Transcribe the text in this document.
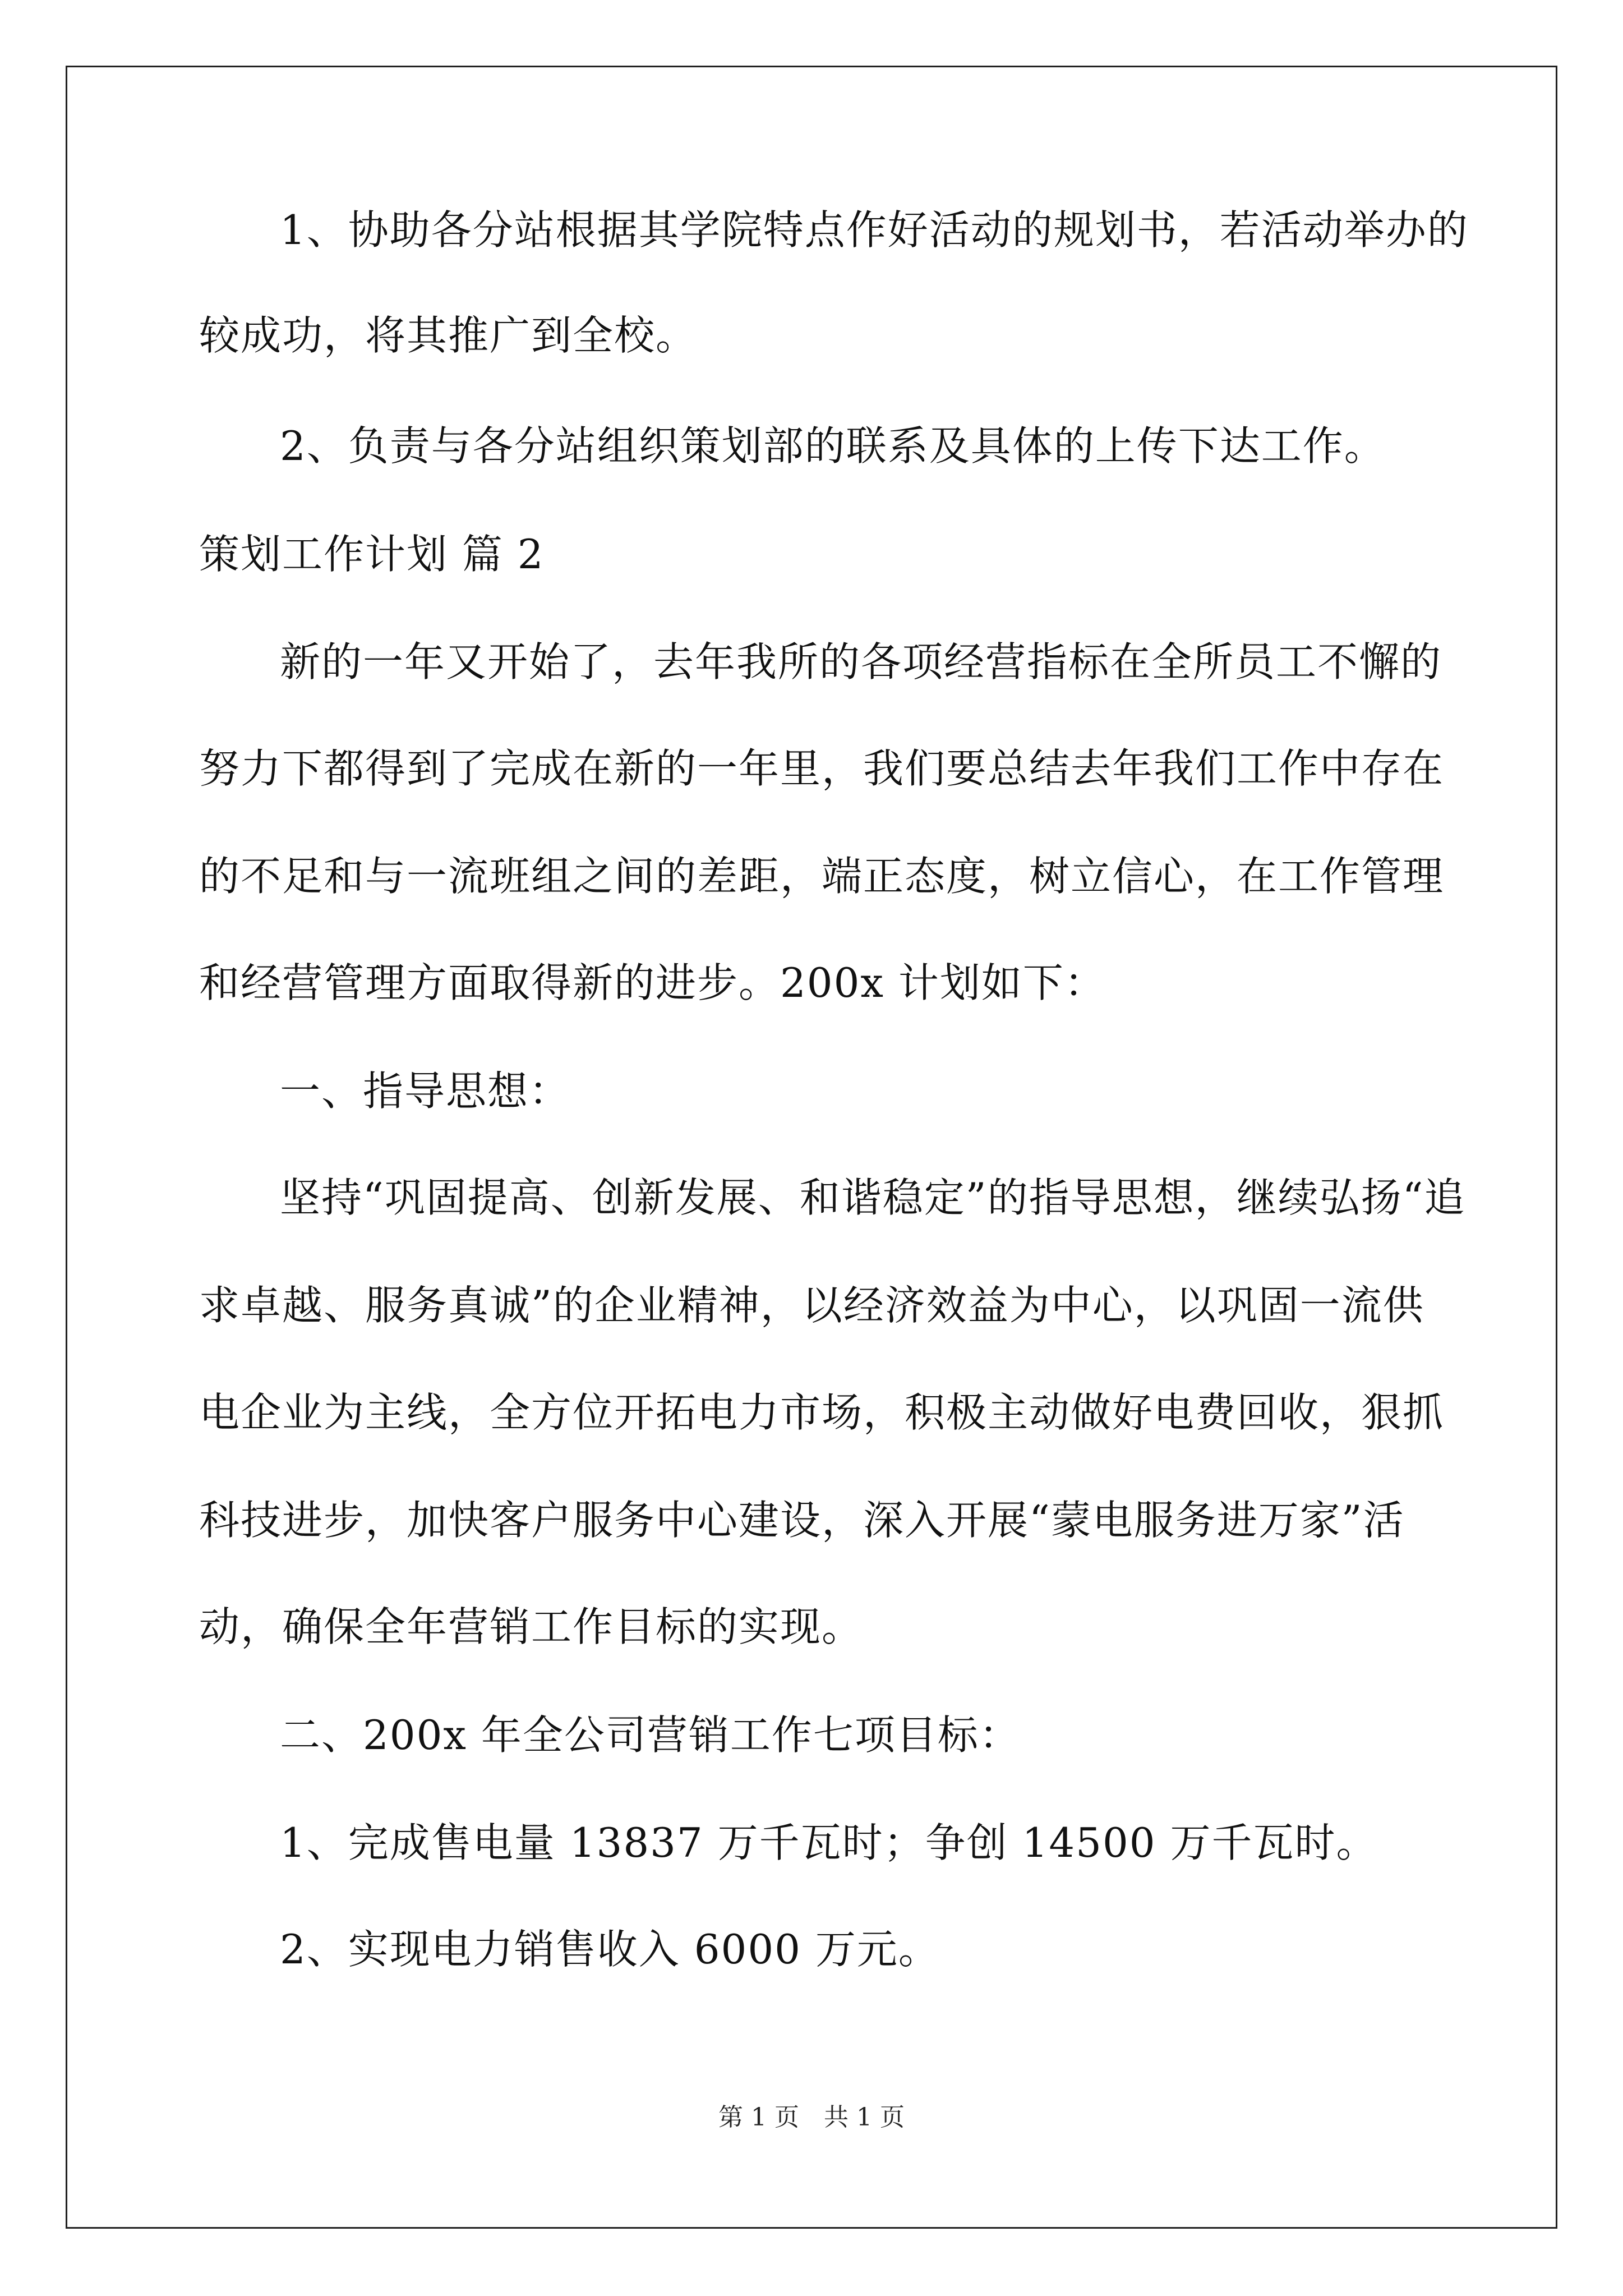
1、协助各分站根据其学院特点作好活动的规划书，若活动举办的
较成功，将其推广到全校。
2、负责与各分站组织策划部的联系及具体的上传下达工作。
策划工作计划 篇 2
新的一年又开始了，去年我所的各项经营指标在全所员工不懈的
努力下都得到了完成在新的一年里，我们要总结去年我们工作中存在
的不足和与一流班组之间的差距，端正态度，树立信心，在工作管理
和经营管理方面取得新的进步。200x 计划如下：
一、指导思想：
坚持“巩固提高、创新发展、和谐稳定”的指导思想，继续弘扬“追
求卓越、服务真诚”的企业精神，以经济效益为中心，以巩固一流供
电企业为主线，全方位开拓电力市场，积极主动做好电费回收，狠抓
科技进步，加快客户服务中心建设，深入开展“蒙电服务进万家”活
动，确保全年营销工作目标的实现。
二、200x 年全公司营销工作七项目标：
1、完成售电量 13837 万千瓦时；争创 14500 万千瓦时。
2、实现电力销售收入 6000 万元。
第 1 页　共 1 页
